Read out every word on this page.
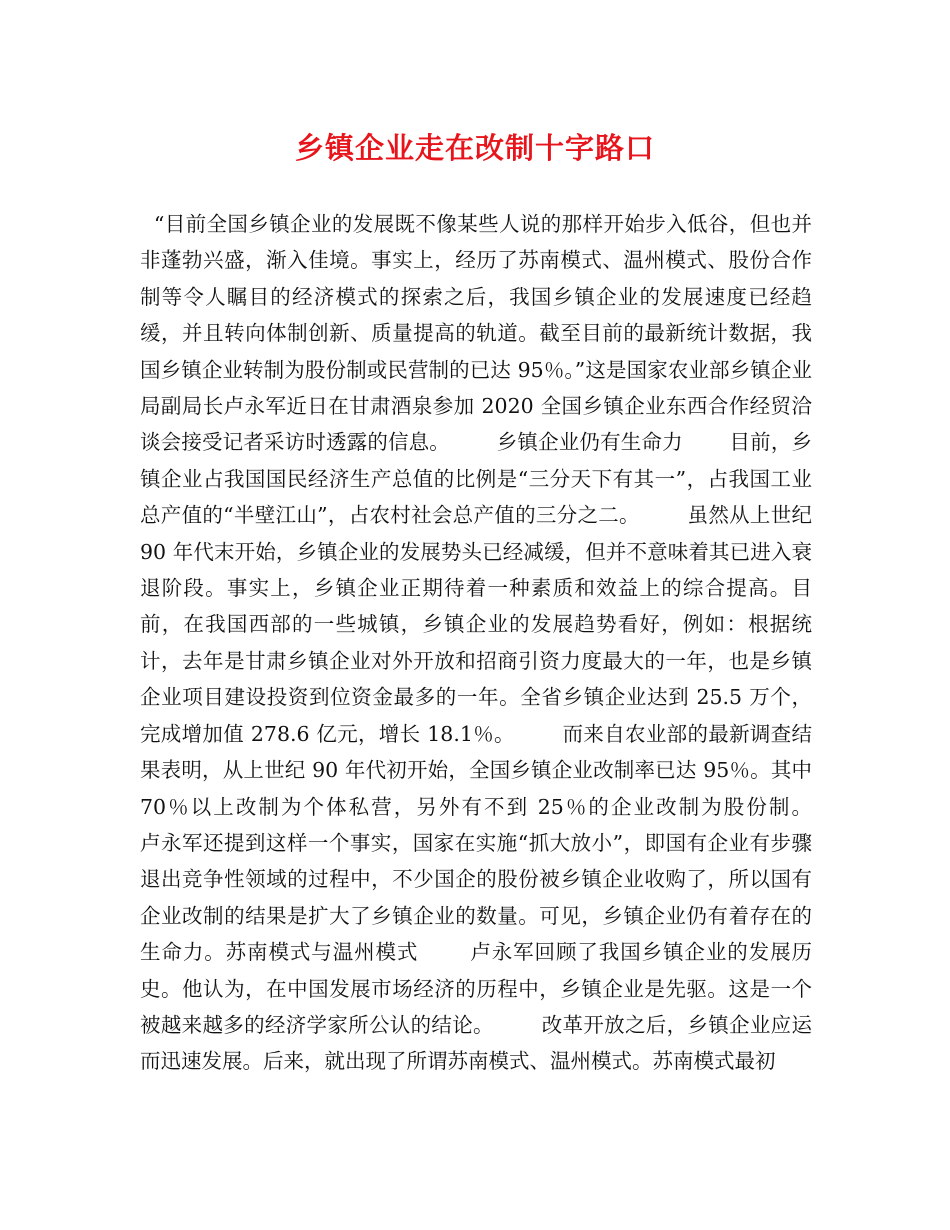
乡镇企业走在改制十字路口

“目前全国乡镇企业的发展既不像某些人说的那样开始步入低谷，但也并非蓬勃兴盛，渐入佳境。事实上，经历了苏南模式、温州模式、股份合作制等令人瞩目的经济模式的探索之后，我国乡镇企业的发展速度已经趋缓，并且转向体制创新、质量提高的轨道。截至目前的最新统计数据，我国乡镇企业转制为股份制或民营制的已达 95％。”这是国家农业部乡镇企业局副局长卢永军近日在甘肃酒泉参加 2020 全国乡镇企业东西合作经贸洽谈会接受记者采访时透露的信息。       乡镇企业仍有生命力       目前，乡镇企业占我国国民经济生产总值的比例是“三分天下有其一”，占我国工业总产值的“半壁江山”，占农村社会总产值的三分之二。       虽然从上世纪 90 年代末开始，乡镇企业的发展势头已经减缓，但并不意味着其已进入衰退阶段。事实上，乡镇企业正期待着一种素质和效益上的综合提高。目前，在我国西部的一些城镇，乡镇企业的发展趋势看好，例如：根据统计，去年是甘肃乡镇企业对外开放和招商引资力度最大的一年，也是乡镇企业项目建设投资到位资金最多的一年。全省乡镇企业达到 25.5 万个，完成增加值 278.6 亿元，增长 18.1％。       而来自农业部的最新调查结果表明，从上世纪 90 年代初开始，全国乡镇企业改制率已达 95％。其中 70％以上改制为个体私营，另外有不到 25％的企业改制为股份制。       卢永军还提到这样一个事实，国家在实施“抓大放小”，即国有企业有步骤退出竞争性领域的过程中，不少国企的股份被乡镇企业收购了，所以国有企业改制的结果是扩大了乡镇企业的数量。可见，乡镇企业仍有着存在的生命力。苏南模式与温州模式       卢永军回顾了我国乡镇企业的发展历史。他认为，在中国发展市场经济的历程中，乡镇企业是先驱。这是一个被越来越多的经济学家所公认的结论。       改革开放之后，乡镇企业应运而迅速发展。后来，就出现了所谓苏南模式、温州模式。苏南模式最初
